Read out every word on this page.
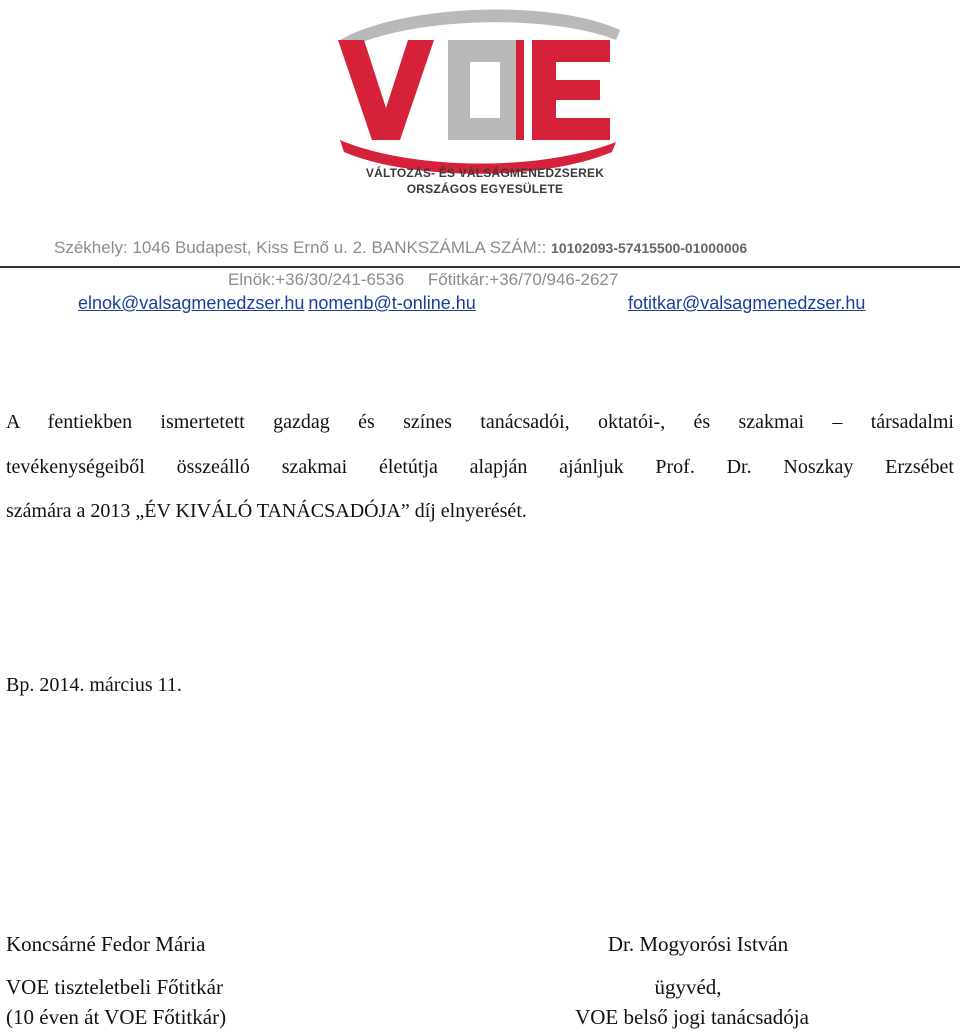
VÁLTOZÁS- ÉS VÁLSÁGMENEDZSEREK
ORSZÁGOS EGYESÜLETE
Székhely: 1046 Budapest, Kiss Ernő u. 2. BANKSZÁMLA SZÁM:: 10102093-57415500-01000006
Elnök:+36/30/241-6536     Főtitkár:+36/70/946-2627
elnok@valsagmenedzser.hu nomenb@t-online.hu	fotitkar@valsagmenedzser.hu
A fentiekben ismertetett gazdag és színes tanácsadói, oktatói-, és szakmai – társadalmi
tevékenységeiből összeálló szakmai életútja alapján ajánljuk Prof. Dr. Noszkay Erzsébet
számára a 2013 „ÉV KIVÁLÓ TANÁCSADÓJA” díj elnyerését.
Bp. 2014. március 11.
Koncsárné Fedor Mária
VOE tiszteletbeli Főtitkár
(10 éven át VOE Főtitkár)
Dr. Mogyorósi István
ügyvéd,
VOE belső jogi tanácsadója
